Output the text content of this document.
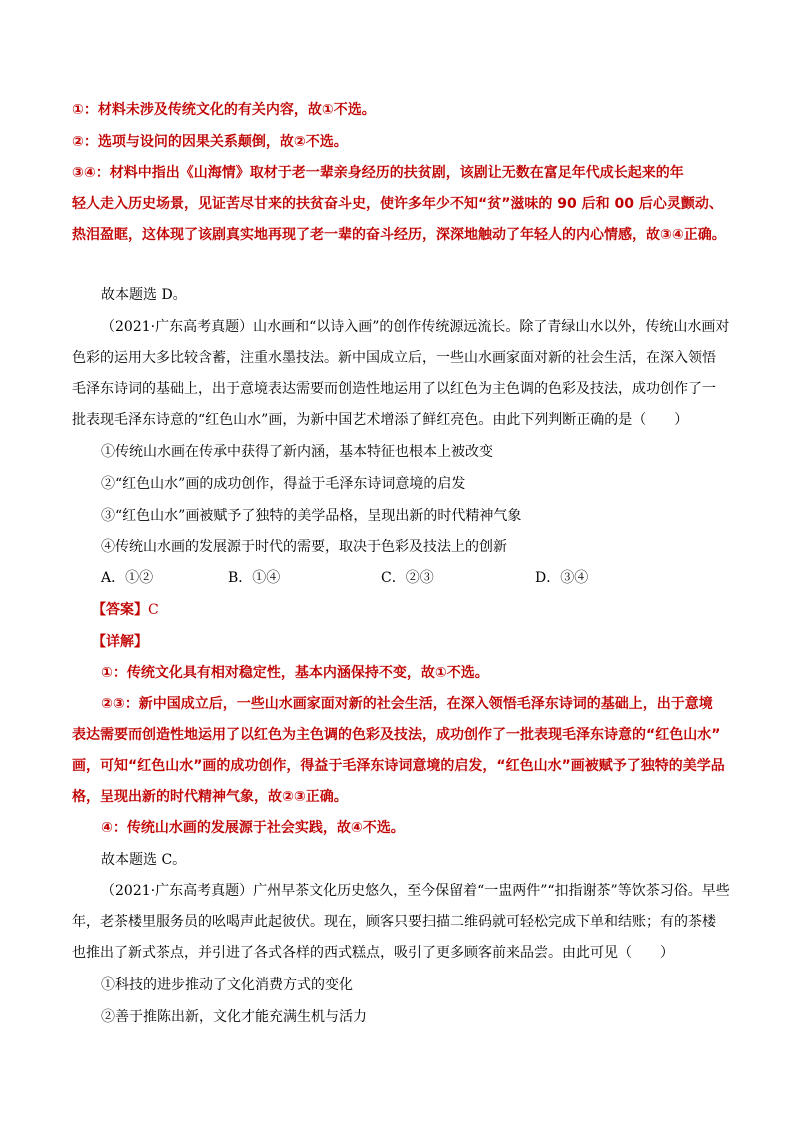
①：材料未涉及传统文化的有关内容，故①不选。
②：选项与设问的因果关系颠倒，故②不选。
③④：材料中指出《山海情》取材于老一辈亲身经历的扶贫剧，该剧让无数在富足年代成长起来的年
轻人走入历史场景，见证苦尽甘来的扶贫奋斗史，使许多年少不知“贫”滋味的 90 后和 00 后心灵颤动、
热泪盈眶，这体现了该剧真实地再现了老一辈的奋斗经历，深深地触动了年轻人的内心情感，故③④正确。
故本题选 D。
（2021·广东高考真题）山水画和“以诗入画”的创作传统源远流长。除了青绿山水以外，传统山水画对
色彩的运用大多比较含蓄，注重水墨技法。新中国成立后，一些山水画家面对新的社会生活，在深入领悟
毛泽东诗词的基础上，出于意境表达需要而创造性地运用了以红色为主色调的色彩及技法，成功创作了一
批表现毛泽东诗意的“红色山水”画，为新中国艺术增添了鲜红亮色。由此下列判断正确的是（　　）
①传统山水画在传承中获得了新内涵，基本特征也根本上被改变
②“红色山水”画的成功创作，得益于毛泽东诗词意境的启发
③“红色山水”画被赋予了独特的美学品格，呈现出新的时代精神气象
④传统山水画的发展源于时代的需要，取决于色彩及技法上的创新
A．①②	B．①④	C．②③	D．③④
【答案】C
【详解】
①：传统文化具有相对稳定性，基本内涵保持不变，故①不选。
②③：新中国成立后，一些山水画家面对新的社会生活，在深入领悟毛泽东诗词的基础上，出于意境
表达需要而创造性地运用了以红色为主色调的色彩及技法，成功创作了一批表现毛泽东诗意的“红色山水”
画，可知“红色山水”画的成功创作，得益于毛泽东诗词意境的启发，“红色山水”画被赋予了独特的美学品
格，呈现出新的时代精神气象，故②③正确。
④：传统山水画的发展源于社会实践，故④不选。
故本题选 C。
（2021·广东高考真题）广州早茶文化历史悠久，至今保留着“一盅两件”“扣指谢茶”等饮茶习俗。早些
年，老茶楼里服务员的吆喝声此起彼伏。现在，顾客只要扫描二维码就可轻松完成下单和结账；有的茶楼
也推出了新式茶点，并引进了各式各样的西式糕点，吸引了更多顾客前来品尝。由此可见（　　）
①科技的进步推动了文化消费方式的变化
②善于推陈出新，文化才能充满生机与活力
